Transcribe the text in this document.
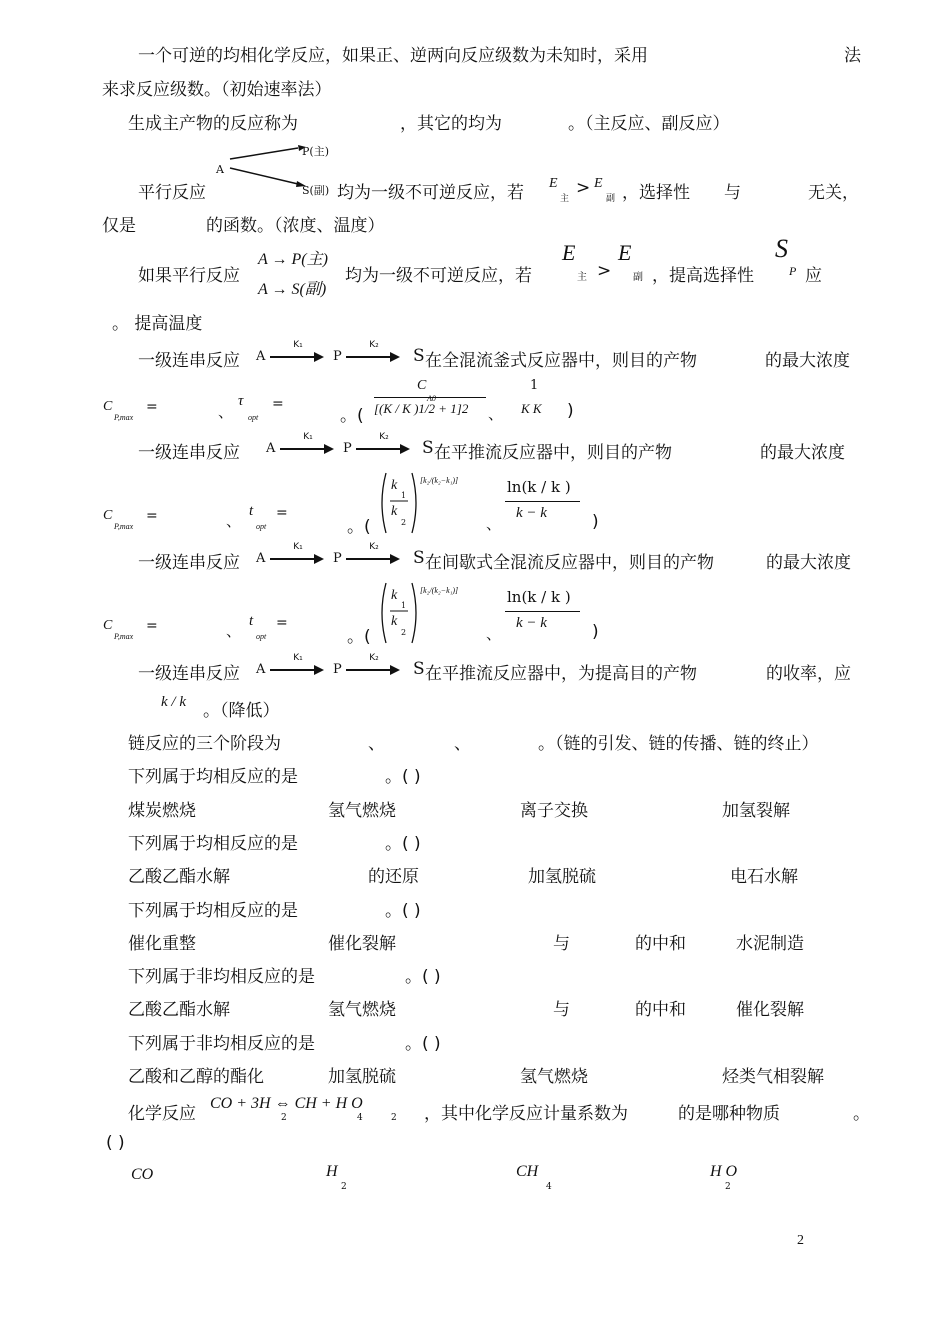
一个可逆的均相化学反应，如果正、逆两向反应级数为未知时，采用	法
来求反应级数。（初始速率法）
生成主产物的反应称为	，其它的均为	。（主反应、副反应）
A
P(主)
平行反应	S(副) 均为一级不可逆反应，若 E
主
> E
副 ，选择性 与	无关，
仅是	的函数。（浓度、温度）
如果平行反应
A → P(主)
A → S(副)
均为一级不可逆反应，若
E
主 >
E
副 ，提高选择性
S
P 应
。 提高温度
一级连串反应 A
K₁
P
K₂
S 在全混流釜式反应器中，则目的产物	的最大浓度
C
P,max
=	、
τ
opt
=
。(
C
A0
[(K / K )1/2 + 1]2 、
1
K K )
一级连串反应 A
K₁
P
K₂
S 在平推流反应器中，则目的产物	的最大浓度
C
P,max
=	、
t
opt
=
。(
k
1
k
2
[k₂/(k₂−k₁)]
、
ln(k / k )
k − k	)
一级连串反应 A
K₁
P
K₂
S 在间歇式全混流反应器中，则目的产物	的最大浓度
C
P,max
=	、
t
opt
=
。(
k
1
k
2
[k₂/(k₂−k₁)]
、
ln(k / k )
k − k	)
一级连串反应 A
K₁
P
K₂
S 在平推流反应器中，为提高目的产物	的收率，应
k / k 。（降低）
链反应的三个阶段为	、	、	。（链的引发、链的传播、链的终止）
下列属于均相反应的是	。( )
煤炭燃烧	氢气燃烧	离子交换	加氢裂解
下列属于均相反应的是	。( )
乙酸乙酯水解	的还原	加氢脱硫	电石水解
下列属于均相反应的是	。( )
催化重整	催化裂解	与	的中和	水泥制造
下列属于非均相反应的是	。( )
乙酸乙酯水解	氢气燃烧	与	的中和	催化裂解
下列属于非均相反应的是	。( )
乙酸和乙醇的酯化	加氢脱硫	氢气燃烧	烃类气相裂解
化学反应
CO + 3H ⇔ CH + H O
2	4	2 ，其中化学反应计量系数为	的是哪种物质	。
( )
CO	H
2
CH
4
H O
2
2
